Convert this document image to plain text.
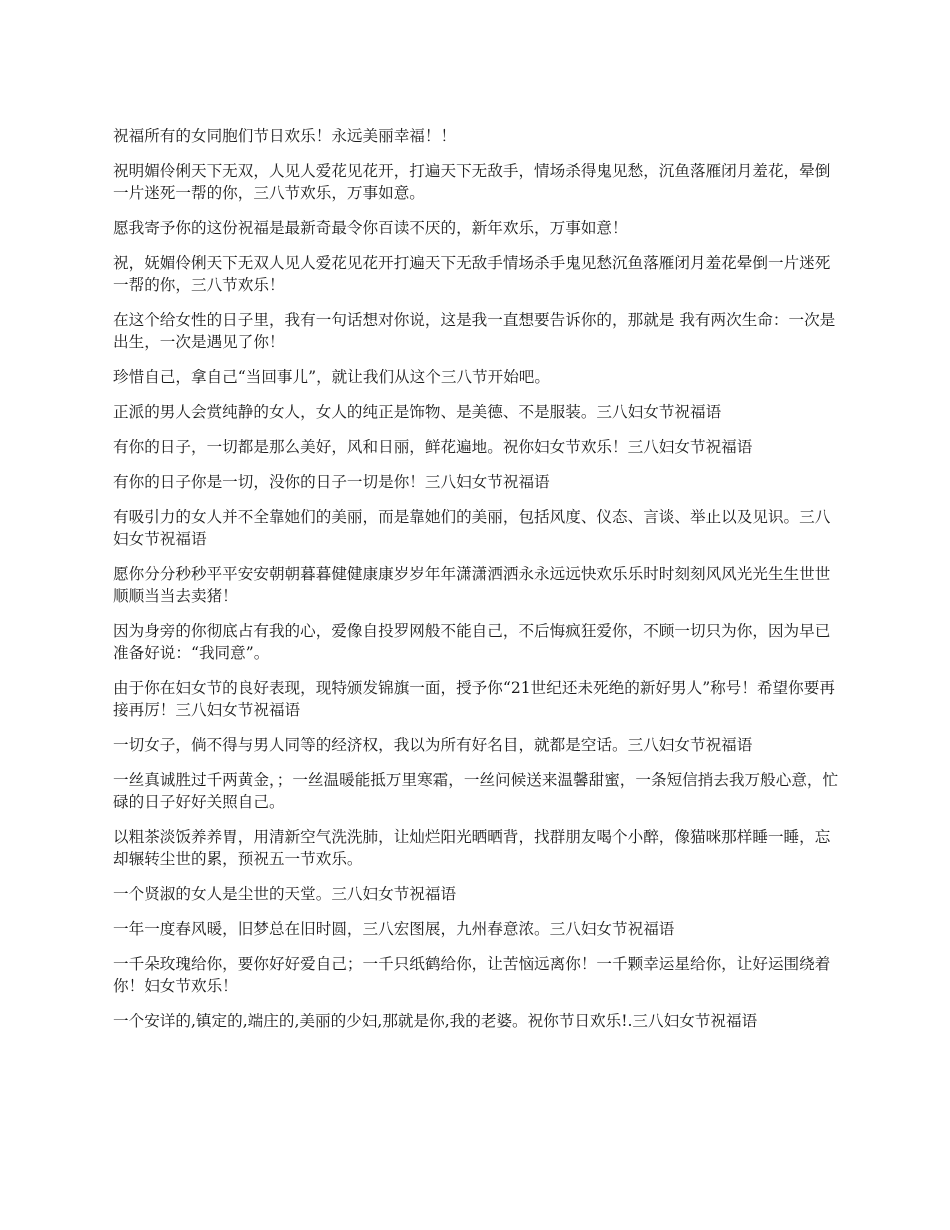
祝福所有的女同胞们节日欢乐！永远美丽幸福！！

祝明媚伶俐天下无双，人见人爱花见花开，打遍天下无敌手，情场杀得鬼见愁，沉鱼落雁闭月羞花，晕倒一片迷死一帮的你，三八节欢乐，万事如意。

愿我寄予你的这份祝福是最新奇最令你百读不厌的，新年欢乐，万事如意！

祝，妩媚伶俐天下无双人见人爱花见花开打遍天下无敌手情场杀手鬼见愁沉鱼落雁闭月羞花晕倒一片迷死一帮的你，三八节欢乐！

在这个给女性的日子里，我有一句话想对你说，这是我一直想要告诉你的，那就是 我有两次生命：一次是出生，一次是遇见了你！

珍惜自己，拿自己“当回事儿”，就让我们从这个三八节开始吧。

正派的男人会赏纯静的女人，女人的纯正是饰物、是美德、不是服装。三八妇女节祝福语

有你的日子，一切都是那么美好，风和日丽，鲜花遍地。祝你妇女节欢乐！三八妇女节祝福语

有你的日子你是一切，没你的日子一切是你！三八妇女节祝福语

有吸引力的女人并不全靠她们的美丽，而是靠她们的美丽，包括风度、仪态、言谈、举止以及见识。三八妇女节祝福语

愿你分分秒秒平平安安朝朝暮暮健健康康岁岁年年潇潇洒洒永永远远快欢乐乐时时刻刻风风光光生生世世顺顺当当去卖猪！

因为身旁的你彻底占有我的心，爱像自投罗网般不能自己，不后悔疯狂爱你，不顾一切只为你，因为早已准备好说：“我同意”。

由于你在妇女节的良好表现，现特颁发锦旗一面，授予你“21世纪还未死绝的新好男人”称号！希望你要再接再厉！三八妇女节祝福语

一切女子，倘不得与男人同等的经济权，我以为所有好名目，就都是空话。三八妇女节祝福语

一丝真诚胜过千两黄金，；一丝温暖能抵万里寒霜，一丝问候送来温馨甜蜜，一条短信捎去我万般心意，忙碌的日子好好关照自己。

以粗茶淡饭养养胃，用清新空气洗洗肺，让灿烂阳光晒晒背，找群朋友喝个小醉，像猫咪那样睡一睡，忘却辗转尘世的累，预祝五一节欢乐。

一个贤淑的女人是尘世的天堂。三八妇女节祝福语

一年一度春风暖，旧梦总在旧时圆，三八宏图展，九州春意浓。三八妇女节祝福语

一千朵玫瑰给你，要你好好爱自己；一千只纸鹤给你，让苦恼远离你！一千颗幸运星给你，让好运围绕着你！妇女节欢乐！

一个安详的,镇定的,端庄的,美丽的少妇,那就是你,我的老婆。祝你节日欢乐!.三八妇女节祝福语
